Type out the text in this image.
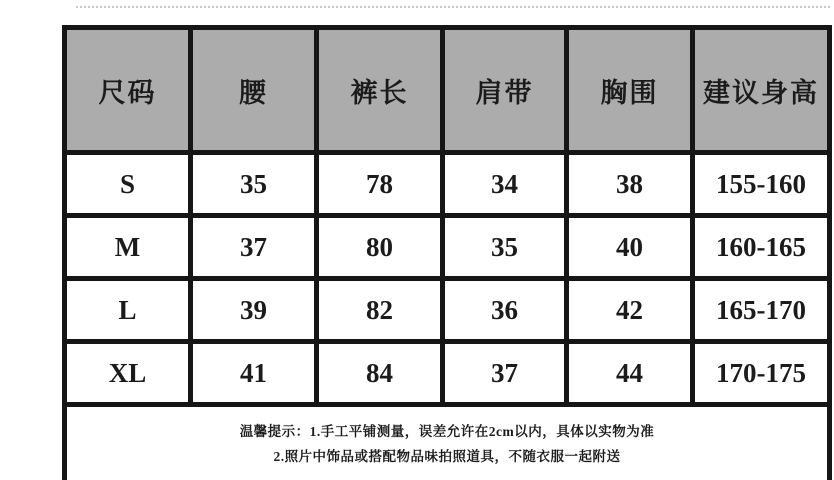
尺码	腰	裤长	肩带	胸围	建议身高
S	35	78	34	38	155-160
M	37	80	35	40	160-165
L	39	82	36	42	165-170
XL	41	84	37	44	170-175

温馨提示：1.手工平铺测量，误差允许在2cm以内，具体以实物为准
2.照片中饰品或搭配物品味拍照道具，不随衣服一起附送					
